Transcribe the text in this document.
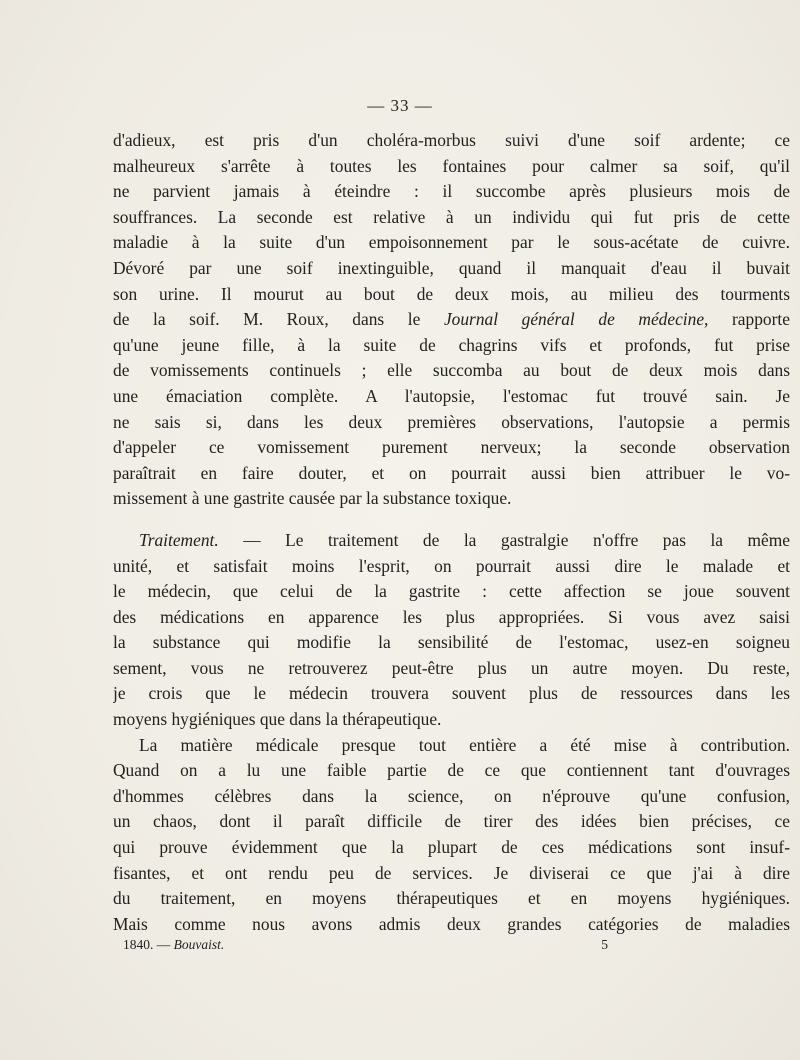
— 33 —
d'adieux, est pris d'un choléra-morbus suivi d'une soif ardente; ce
malheureux s'arrête à toutes les fontaines pour calmer sa soif, qu'il
ne parvient jamais à éteindre : il succombe après plusieurs mois de
souffrances. La seconde est relative à un individu qui fut pris de cette
maladie à la suite d'un empoisonnement par le sous-acétate de cuivre.
Dévoré par une soif inextinguible, quand il manquait d'eau il buvait
son urine. Il mourut au bout de deux mois, au milieu des tourments
de la soif. M. Roux, dans le Journal général de médecine, rapporte
qu'une jeune fille, à la suite de chagrins vifs et profonds, fut prise
de vomissements continuels ; elle succomba au bout de deux mois dans
une émaciation complète. A l'autopsie, l'estomac fut trouvé sain. Je
ne sais si, dans les deux premières observations, l'autopsie a permis
d'appeler ce vomissement purement nerveux; la seconde observation
paraîtrait en faire douter, et on pourrait aussi bien attribuer le vo-
missement à une gastrite causée par la substance toxique.
Traitement. — Le traitement de la gastralgie n'offre pas la même
unité, et satisfait moins l'esprit, on pourrait aussi dire le malade et
le médecin, que celui de la gastrite : cette affection se joue souvent
des médications en apparence les plus appropriées. Si vous avez saisi
la substance qui modifie la sensibilité de l'estomac, usez-en soigneu
sement, vous ne retrouverez peut-être plus un autre moyen. Du reste,
je crois que le médecin trouvera souvent plus de ressources dans les
moyens hygiéniques que dans la thérapeutique.
La matière médicale presque tout entière a été mise à contribution.
Quand on a lu une faible partie de ce que contiennent tant d'ouvrages
d'hommes célèbres dans la science, on n'éprouve qu'une confusion,
un chaos, dont il paraît difficile de tirer des idées bien précises, ce
qui prouve évidemment que la plupart de ces médications sont insuf-
fisantes, et ont rendu peu de services. Je diviserai ce que j'ai à dire
du traitement, en moyens thérapeutiques et en moyens hygiéniques.
Mais comme nous avons admis deux grandes catégories de maladies
1840. — Bouvaist.	5
